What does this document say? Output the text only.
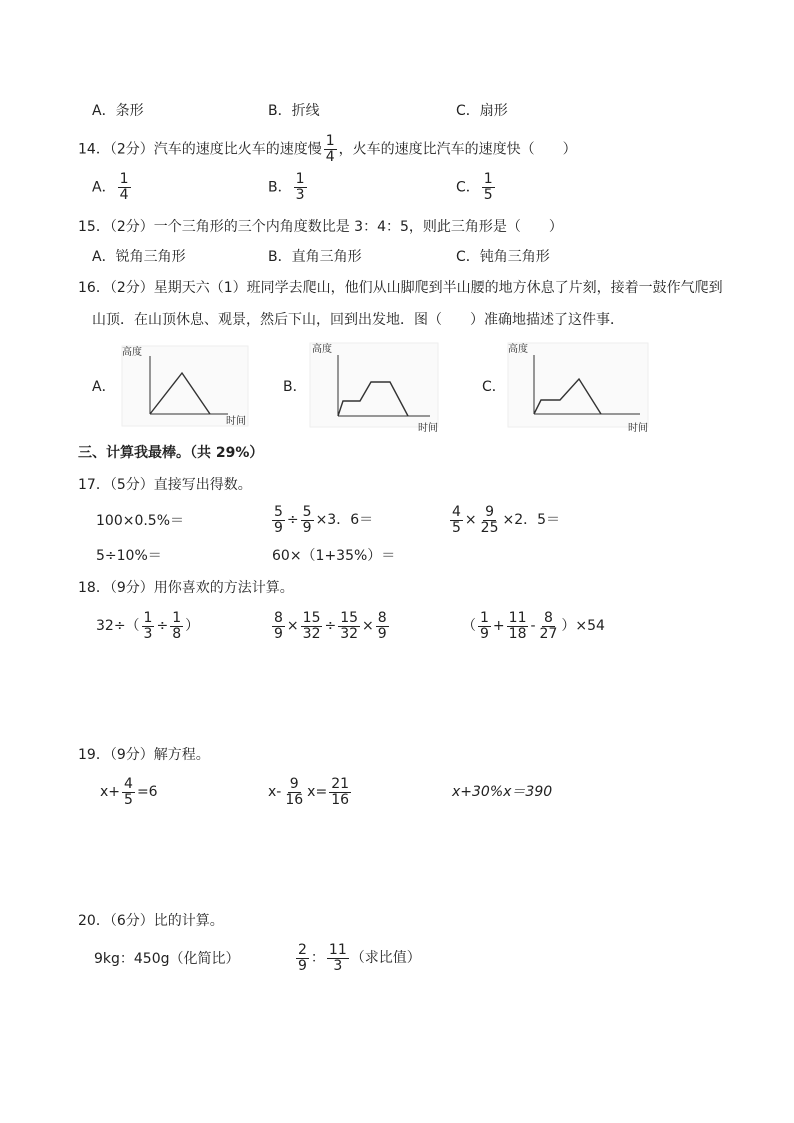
A．条形	B．折线	C．扇形
14．（2分）汽车的速度比火车的速度慢 $\frac{1}{4}$ ，火车的速度比汽车的速度快（　　）
A． $\frac{1}{4}$	B． $\frac{1}{3}$	C． $\frac{1}{5}$
15．（2分）一个三角形的三个内角度数比是 3：4：5，则此三角形是（　　）
A．锐角三角形	B．直角三角形	C．钝角三角形
16．（2分）星期天六（1）班同学去爬山，他们从山脚爬到半山腰的地方休息了片刻，接着一鼓作气爬到
山顶．在山顶休息、观景，然后下山，回到出发地．图（　　）准确地描述了这件事．
A．	B．	C．
高度
时间
高度
时间
高度
时间
三、计算我最棒。（共 29%）
17．（5分）直接写出得数。
100×0.5%＝	$\frac{5}{9} \div \frac{5}{9} \times 3$．6＝	$\frac{4}{5} \times \frac{9}{25} \times 2$．5＝
5÷10%＝	60×（1+35%）＝
18．（9分）用你喜欢的方法计算。
$32\div( \frac{1}{3} \div \frac{1}{8}$ ）	$\frac{8}{9} \times \frac{15}{32} \div \frac{15}{32} \times \frac{8}{9}$	（ $\frac{1}{9} + \frac{11}{18} - \frac{8}{27} )\times 54$
19．（9分）解方程。
$x+ \frac{4}{5} =6$	$x- \frac{9}{16} x= \frac{21}{16}$	x+30%x＝390
20．（6分）比的计算。
9kg：450g（化简比）	$\frac{2}{9}$ ： $\frac{11}{3}$ （求比值）
